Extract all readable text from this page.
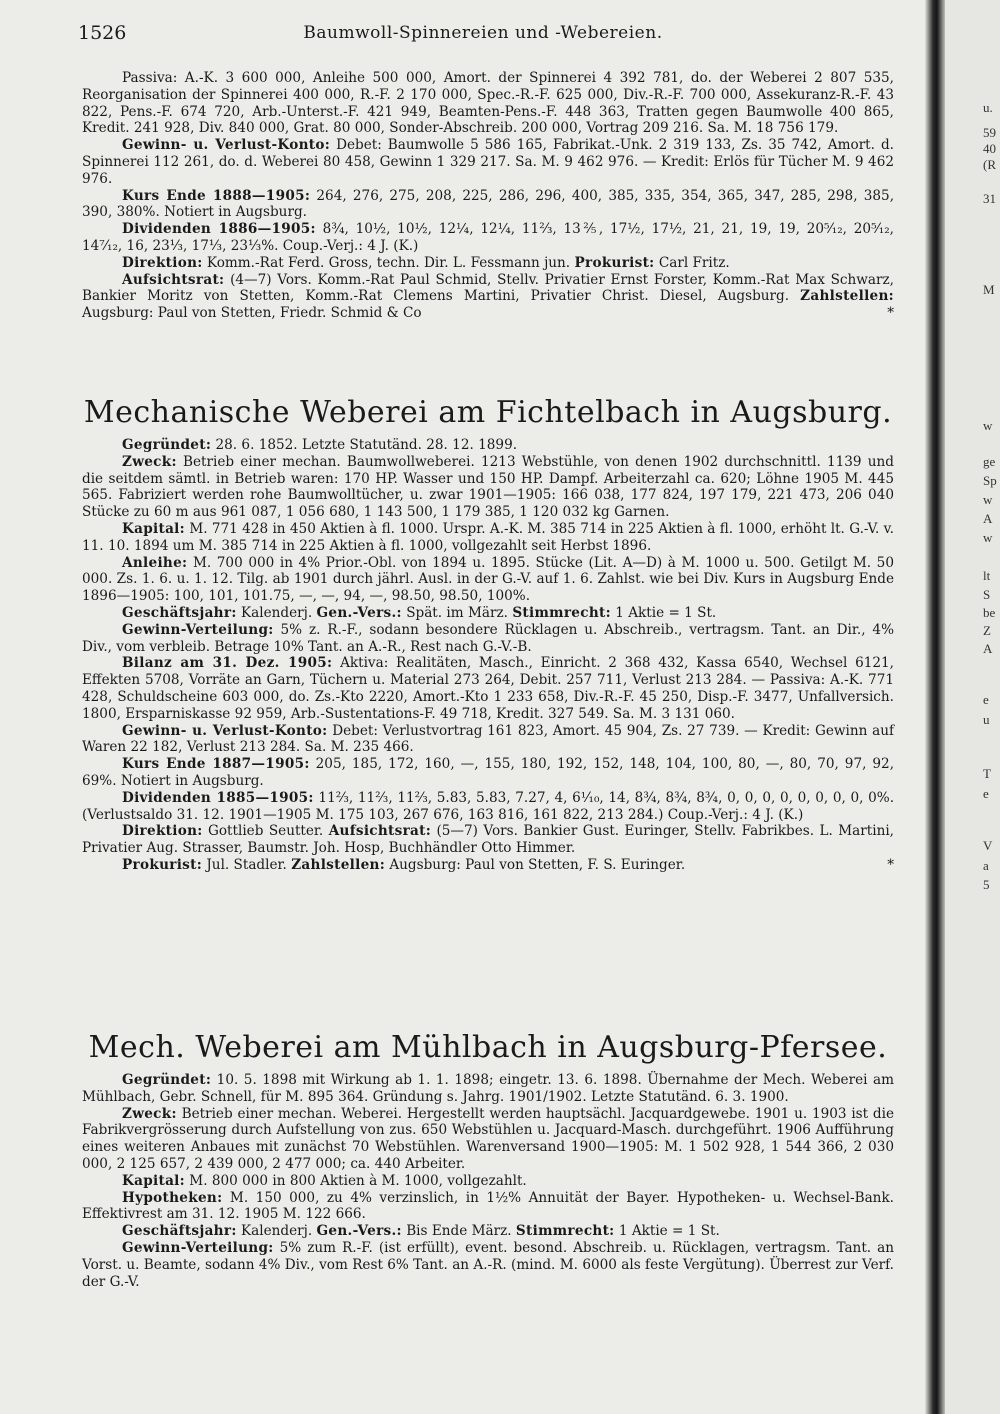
1526	Baumwoll-Spinnereien und -Webereien.

Passiva: A.-K. 3 600 000, Anleihe 500 000, Amort. der Spinnerei 4 392 781, do. der Weberei 2 807 535, Reorganisation der Spinnerei 400 000, R.-F. 2 170 000, Spec.-R.-F. 625 000, Div.-R.-F. 700 000, Assekuranz-R.-F. 43 822, Pens.-F. 674 720, Arb.-Unterst.-F. 421 949, Beamten-Pens.-F. 448 363, Tratten gegen Baumwolle 400 865, Kredit. 241 928, Div. 840 000, Grat. 80 000, Sonder-Abschreib. 200 000, Vortrag 209 216. Sa. M. 18 756 179.

Gewinn- u. Verlust-Konto: Debet: Baumwolle 5 586 165, Fabrikat.-Unk. 2 319 133, Zs. 35 742, Amort. d. Spinnerei 112 261, do. d. Weberei 80 458, Gewinn 1 329 217. Sa. M. 9 462 976. — Kredit: Erlös für Tücher M. 9 462 976.

Kurs Ende 1888—1905: 264, 276, 275, 208, 225, 286, 296, 400, 385, 335, 354, 365, 347, 285, 298, 385, 390, 380%. Notiert in Augsburg.

Dividenden 1886—1905: 8¾, 10½, 10½, 12¼, 12¼, 11⅔, 13⅖, 17½, 17½, 21, 21, 19, 19, 20⁵⁄₁₂, 20⁵⁄₁₂, 14⁷⁄₁₂, 16, 23⅓, 17⅓, 23⅓%. Coup.-Verj.: 4 J. (K.)

Direktion: Komm.-Rat Ferd. Gross, techn. Dir. L. Fessmann jun. Prokurist: Carl Fritz.

Aufsichtsrat: (4—7) Vors. Komm.-Rat Paul Schmid, Stellv. Privatier Ernst Forster, Komm.-Rat Max Schwarz, Bankier Moritz von Stetten, Komm.-Rat Clemens Martini, Privatier Christ. Diesel, Augsburg. Zahlstellen: Augsburg: Paul von Stetten, Friedr. Schmid & Co	*

Mechanische Weberei am Fichtelbach in Augsburg.

Gegründet: 28. 6. 1852. Letzte Statutänd. 28. 12. 1899.

Zweck: Betrieb einer mechan. Baumwollweberei. 1213 Webstühle, von denen 1902 durchschnittl. 1139 und die seitdem sämtl. in Betrieb waren: 170 HP. Wasser und 150 HP. Dampf. Arbeiterzahl ca. 620; Löhne 1905 M. 445 565. Fabriziert werden rohe Baumwolltücher, u. zwar 1901—1905: 166 038, 177 824, 197 179, 221 473, 206 040 Stücke zu 60 m aus 961 087, 1 056 680, 1 143 500, 1 179 385, 1 120 032 kg Garnen.

Kapital: M. 771 428 in 450 Aktien à fl. 1000. Urspr. A.-K. M. 385 714 in 225 Aktien à fl. 1000, erhöht lt. G.-V. v. 11. 10. 1894 um M. 385 714 in 225 Aktien à fl. 1000, vollgezahlt seit Herbst 1896.

Anleihe: M. 700 000 in 4% Prior.-Obl. von 1894 u. 1895. Stücke (Lit. A—D) à M. 1000 u. 500. Getilgt M. 50 000. Zs. 1. 6. u. 1. 12. Tilg. ab 1901 durch jährl. Ausl. in der G.-V. auf 1. 6. Zahlst. wie bei Div. Kurs in Augsburg Ende 1896—1905: 100, 101, 101.75, —, —, 94, —, 98.50, 98.50, 100%.

Geschäftsjahr: Kalenderj. Gen.-Vers.: Spät. im März. Stimmrecht: 1 Aktie = 1 St.

Gewinn-Verteilung: 5% z. R.-F., sodann besondere Rücklagen u. Abschreib., vertragsm. Tant. an Dir., 4% Div., vom verbleib. Betrage 10% Tant. an A.-R., Rest nach G.-V.-B.

Bilanz am 31. Dez. 1905: Aktiva: Realitäten, Masch., Einricht. 2 368 432, Kassa 6540, Wechsel 6121, Effekten 5708, Vorräte an Garn, Tüchern u. Material 273 264, Debit. 257 711, Verlust 213 284. — Passiva: A.-K. 771 428, Schuldscheine 603 000, do. Zs.-Kto 2220, Amort.-Kto 1 233 658, Div.-R.-F. 45 250, Disp.-F. 3477, Unfallversich. 1800, Ersparniskasse 92 959, Arb.-Sustentations-F. 49 718, Kredit. 327 549. Sa. M. 3 131 060.

Gewinn- u. Verlust-Konto: Debet: Verlustvortrag 161 823, Amort. 45 904, Zs. 27 739. — Kredit: Gewinn auf Waren 22 182, Verlust 213 284. Sa. M. 235 466.

Kurs Ende 1887—1905: 205, 185, 172, 160, —, 155, 180, 192, 152, 148, 104, 100, 80, —, 80, 70, 97, 92, 69%. Notiert in Augsburg.

Dividenden 1885—1905: 11⅔, 11⅔, 11⅔, 5.83, 5.83, 7.27, 4, 6¹⁄₁₀, 14, 8¾, 8¾, 8¾, 0, 0, 0, 0, 0, 0, 0, 0, 0%. (Verlustsaldo 31. 12. 1901—1905 M. 175 103, 267 676, 163 816, 161 822, 213 284.) Coup.-Verj.: 4 J. (K.)

Direktion: Gottlieb Seutter. Aufsichtsrat: (5—7) Vors. Bankier Gust. Euringer, Stellv. Fabrikbes. L. Martini, Privatier Aug. Strasser, Baumstr. Joh. Hosp, Buchhändler Otto Himmer.

Prokurist: Jul. Stadler. Zahlstellen: Augsburg: Paul von Stetten, F. S. Euringer.	*

Mech. Weberei am Mühlbach in Augsburg-Pfersee.

Gegründet: 10. 5. 1898 mit Wirkung ab 1. 1. 1898; eingetr. 13. 6. 1898. Übernahme der Mech. Weberei am Mühlbach, Gebr. Schnell, für M. 895 364. Gründung s. Jahrg. 1901/1902. Letzte Statutänd. 6. 3. 1900.

Zweck: Betrieb einer mechan. Weberei. Hergestellt werden hauptsächl. Jacquardgewebe. 1901 u. 1903 ist die Fabrikvergrösserung durch Aufstellung von zus. 650 Webstühlen u. Jacquard-Masch. durchgeführt. 1906 Aufführung eines weiteren Anbaues mit zunächst 70 Webstühlen. Warenversand 1900—1905: M. 1 502 928, 1 544 366, 2 030 000, 2 125 657, 2 439 000, 2 477 000; ca. 440 Arbeiter.

Kapital: M. 800 000 in 800 Aktien à M. 1000, vollgezahlt.

Hypotheken: M. 150 000, zu 4% verzinslich, in 1½% Annuität der Bayer. Hypotheken- u. Wechsel-Bank. Effektivrest am 31. 12. 1905 M. 122 666.

Geschäftsjahr: Kalenderj. Gen.-Vers.: Bis Ende März. Stimmrecht: 1 Aktie = 1 St.

Gewinn-Verteilung: 5% zum R.-F. (ist erfüllt), event. besond. Abschreib. u. Rücklagen, vertragsm. Tant. an Vorst. u. Beamte, sodann 4% Div., vom Rest 6% Tant. an A.-R. (mind. M. 6000 als feste Vergütung). Überrest zur Verf. der G.-V.

u.
59
40
(R
31
M
w
ge
Sp
w
A
w
lt
S
be
Z
A
e
u
T
e
V
a
5
